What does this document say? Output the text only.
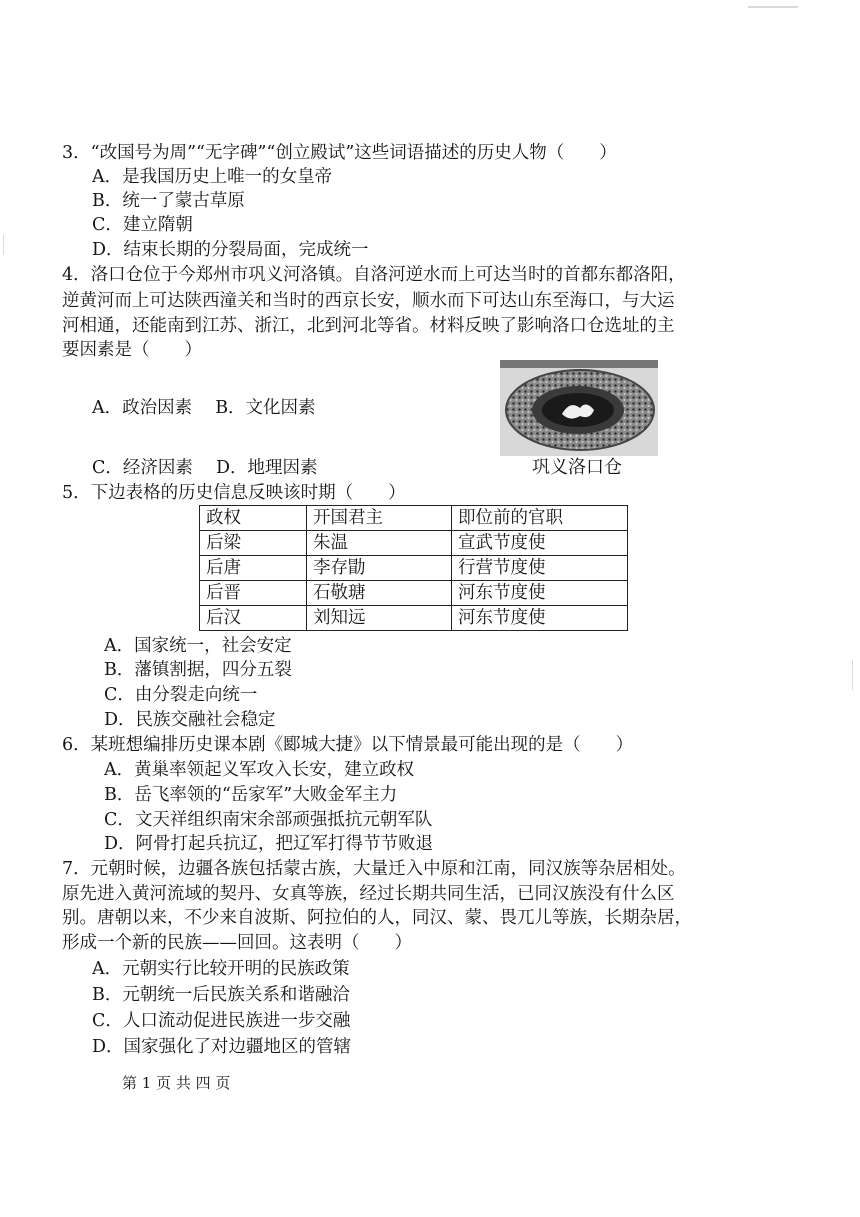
3．“改国号为周”“无字碑”“创立殿试”这些词语描述的历史人物（　　）
A．是我国历史上唯一的女皇帝
B．统一了蒙古草原
C．建立隋朝
D．结束长期的分裂局面，完成统一
4．洛口仓位于今郑州市巩义河洛镇。自洛河逆水而上可达当时的首都东都洛阳，
逆黄河而上可达陕西潼关和当时的西京长安，顺水而下可达山东至海口，与大运
河相通，还能南到江苏、浙江，北到河北等省。材料反映了影响洛口仓选址的主
要因素是（　　）
A．政治因素　 B．文化因素
C．经济因素　 D．地理因素	巩义洛口仓
5．下边表格的历史信息反映该时期（　　）
政权	开国君主	即位前的官职
后梁	朱温	宣武节度使
后唐	李存勖	行营节度使
后晋	石敬瑭	河东节度使
后汉	刘知远	河东节度使
A．国家统一，社会安定
B．藩镇割据，四分五裂
C．由分裂走向统一
D．民族交融社会稳定
6．某班想编排历史课本剧《郾城大捷》以下情景最可能出现的是（　　）
A．黄巢率领起义军攻入长安，建立政权
B．岳飞率领的“岳家军”大败金军主力
C．文天祥组织南宋余部顽强抵抗元朝军队
D．阿骨打起兵抗辽，把辽军打得节节败退
7．元朝时候，边疆各族包括蒙古族，大量迁入中原和江南，同汉族等杂居相处。
原先进入黄河流域的契丹、女真等族，经过长期共同生活，已同汉族没有什么区
别。唐朝以来，不少来自波斯、阿拉伯的人，同汉、蒙、畏兀儿等族，长期杂居，
形成一个新的民族——回回。这表明（　　）
A．元朝实行比较开明的民族政策
B．元朝统一后民族关系和谐融洽
C．人口流动促进民族进一步交融
D．国家强化了对边疆地区的管辖
第 1 页 共 四 页
